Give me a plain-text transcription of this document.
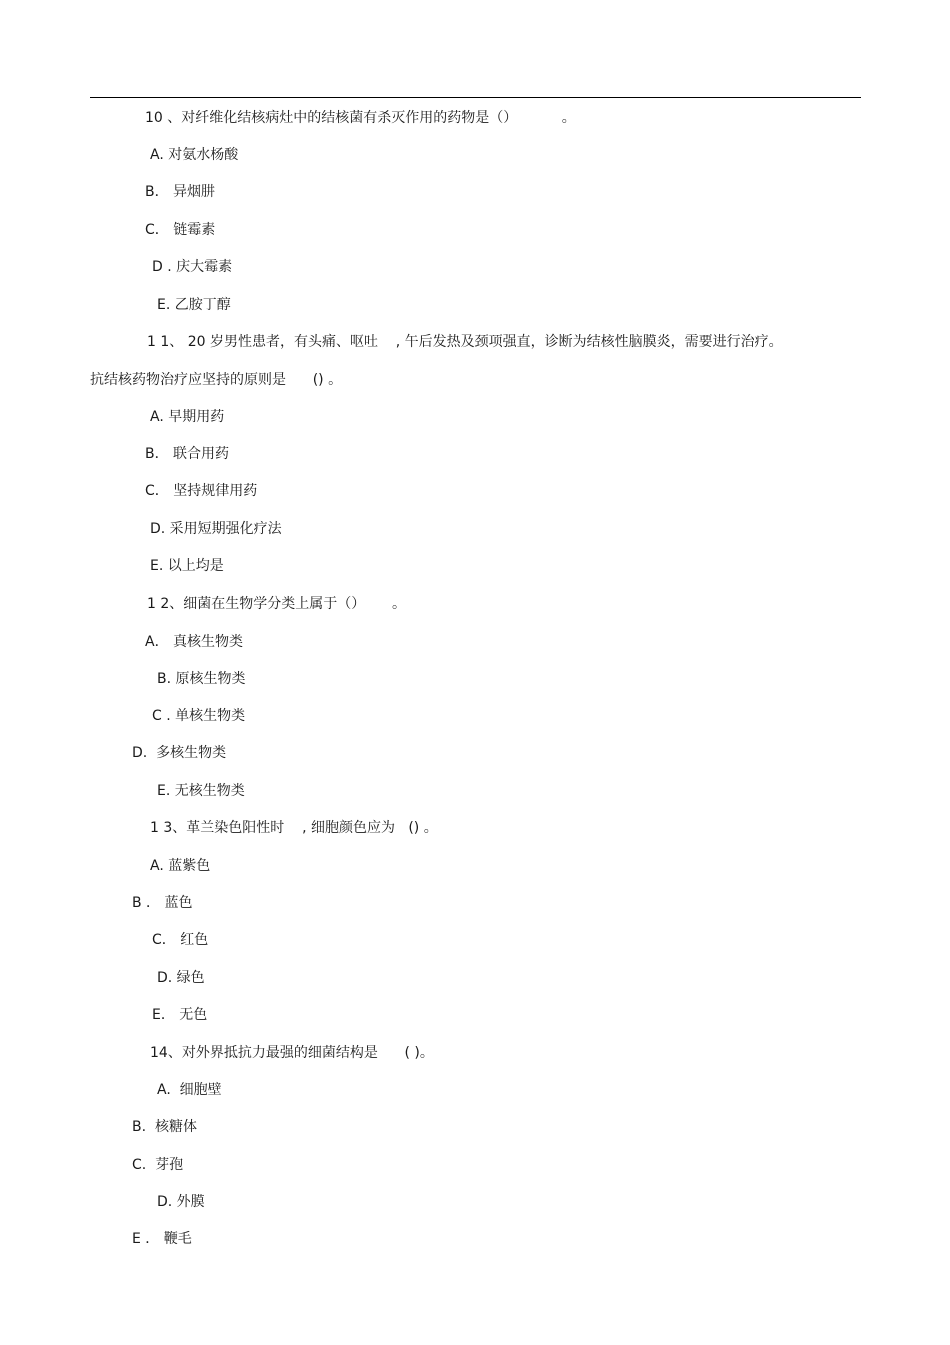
10 、对纤维化结核病灶中的结核菌有杀灭作用的药物是（）          。
A. 对氨水杨酸
B． 异烟肼
C． 链霉素
D . 庆大霉素
E. 乙胺丁醇
1 1、 20 岁男性患者，有头痛、呕吐    , 午后发热及颈项强直，诊断为结核性脑膜炎，需要进行治疗。
抗结核药物治疗应坚持的原则是      () 。
A. 早期用药
B． 联合用药
C． 坚持规律用药
D. 采用短期强化疗法
E. 以上均是
1 2、细菌在生物学分类上属于（）      。
A． 真核生物类
B. 原核生物类
C . 单核生物类
D.  多核生物类
E. 无核生物类
1 3、革兰染色阳性时    , 细胞颜色应为   () 。
A. 蓝紫色
B ． 蓝色
C． 红色
D. 绿色
E． 无色
14、对外界抵抗力最强的细菌结构是      ( )。
A.  细胞壁
B.  核糖体
C.  芽孢
D. 外膜
E ． 鞭毛
